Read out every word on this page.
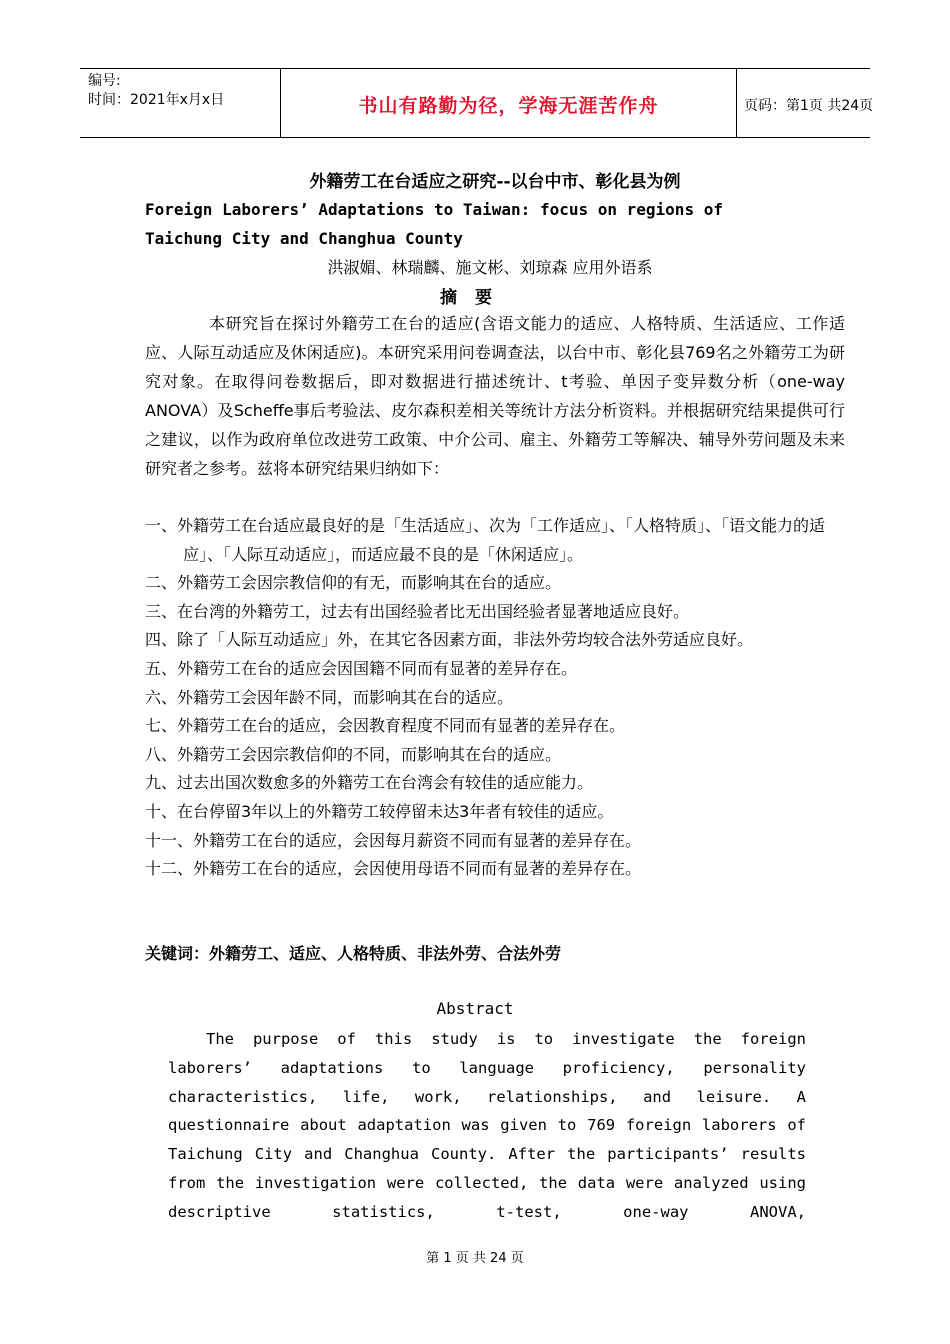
编号:
时间：2021年x月x日	书山有路勤为径，学海无涯苦作舟	页码：第1页 共24页
外籍劳工在台适应之研究--以台中市、彰化县为例
Foreign Laborers’ Adaptations to Taiwan: focus on regions of Taichung City and Changhua County
洪淑媚、林瑞麟、施文彬、刘琼森 应用外语系
摘要
本研究旨在探讨外籍劳工在台的适应(含语文能力的适应、人格特质、生活适应、工作适应、人际互动适应及休闲适应)。本研究采用问卷调查法，以台中市、彰化县769名之外籍劳工为研究对象。在取得问卷数据后，即对数据进行描述统计、t考验、单因子变异数分析（one-way ANOVA）及Scheffe事后考验法、皮尔森积差相关等统计方法分析资料。并根据研究结果提供可行之建议，以作为政府单位改进劳工政策、中介公司、雇主、外籍劳工等解决、辅导外劳问题及未来研究者之参考。兹将本研究结果归纳如下：
一、外籍劳工在台适应最良好的是「生活适应」、次为「工作适应」、「人格特质」、「语文能力的适应」、「人际互动适应」，而适应最不良的是「休闲适应」。
二、外籍劳工会因宗教信仰的有无，而影响其在台的适应。
三、在台湾的外籍劳工，过去有出国经验者比无出国经验者显著地适应良好。
四、除了「人际互动适应」外，在其它各因素方面，非法外劳均较合法外劳适应良好。
五、外籍劳工在台的适应会因国籍不同而有显著的差异存在。
六、外籍劳工会因年龄不同，而影响其在台的适应。
七、外籍劳工在台的适应，会因教育程度不同而有显著的差异存在。
八、外籍劳工会因宗教信仰的不同，而影响其在台的适应。
九、过去出国次数愈多的外籍劳工在台湾会有较佳的适应能力。
十、在台停留3年以上的外籍劳工较停留未达3年者有较佳的适应。
十一、外籍劳工在台的适应，会因每月薪资不同而有显著的差异存在。
十二、外籍劳工在台的适应，会因使用母语不同而有显著的差异存在。
关键词：外籍劳工、适应、人格特质、非法外劳、合法外劳
Abstract
The purpose of this study is to investigate the foreign laborers’ adaptations to language proficiency, personality characteristics, life, work, relationships, and leisure. A questionnaire about adaptation was given to 769 foreign laborers of Taichung City and Changhua County. After the participants’ results from the investigation were collected, the data were analyzed using descriptive statistics, t-test, one-way ANOVA,
第 1 页 共 24 页
